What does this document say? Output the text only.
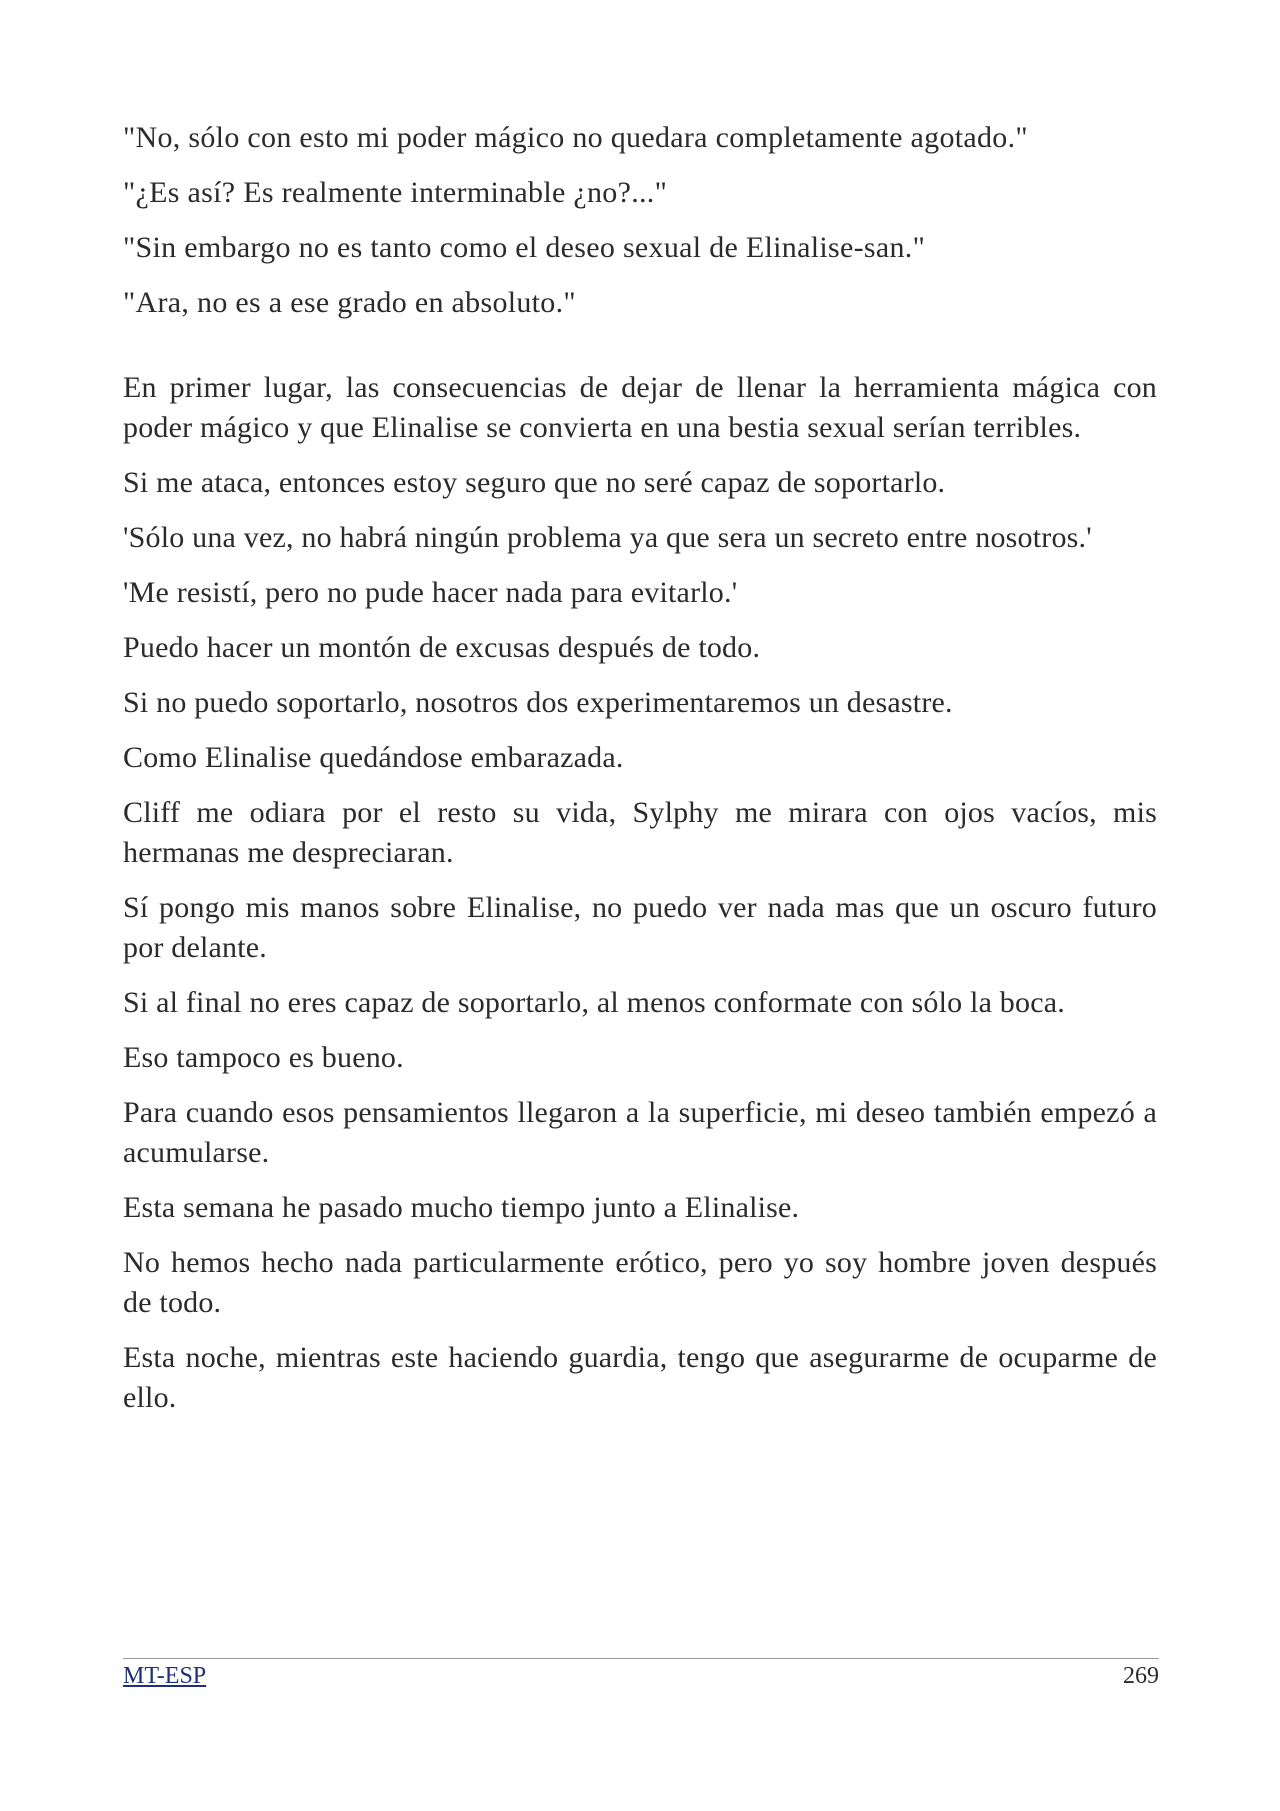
"No, sólo con esto mi poder mágico no quedara completamente agotado."

"¿Es así? Es realmente interminable ¿no?..."

"Sin embargo no es tanto como el deseo sexual de Elinalise-san."

"Ara, no es a ese grado en absoluto."

En primer lugar, las consecuencias de dejar de llenar la herramienta mágica con poder mágico y que Elinalise se convierta en una bestia sexual serían terribles.

Si me ataca, entonces estoy seguro que no seré capaz de soportarlo.

'Sólo una vez, no habrá ningún problema ya que sera un secreto entre nosotros.'

'Me resistí, pero no pude hacer nada para evitarlo.'

Puedo hacer un montón de excusas después de todo.

Si no puedo soportarlo, nosotros dos experimentaremos un desastre.

Como Elinalise quedándose embarazada.

Cliff me odiara por el resto su vida, Sylphy me mirara con ojos vacíos, mis hermanas me despreciaran.

Sí pongo mis manos sobre Elinalise, no puedo ver nada mas que un oscuro futuro por delante.

Si al final no eres capaz de soportarlo, al menos conformate con sólo la boca.

Eso tampoco es bueno.

Para cuando esos pensamientos llegaron a la superficie, mi deseo también empezó a acumularse.

Esta semana he pasado mucho tiempo junto a Elinalise.

No hemos hecho nada particularmente erótico, pero yo soy hombre joven después de todo.

Esta noche, mientras este haciendo guardia, tengo que asegurarme de ocuparme de ello.

MT-ESP	269
